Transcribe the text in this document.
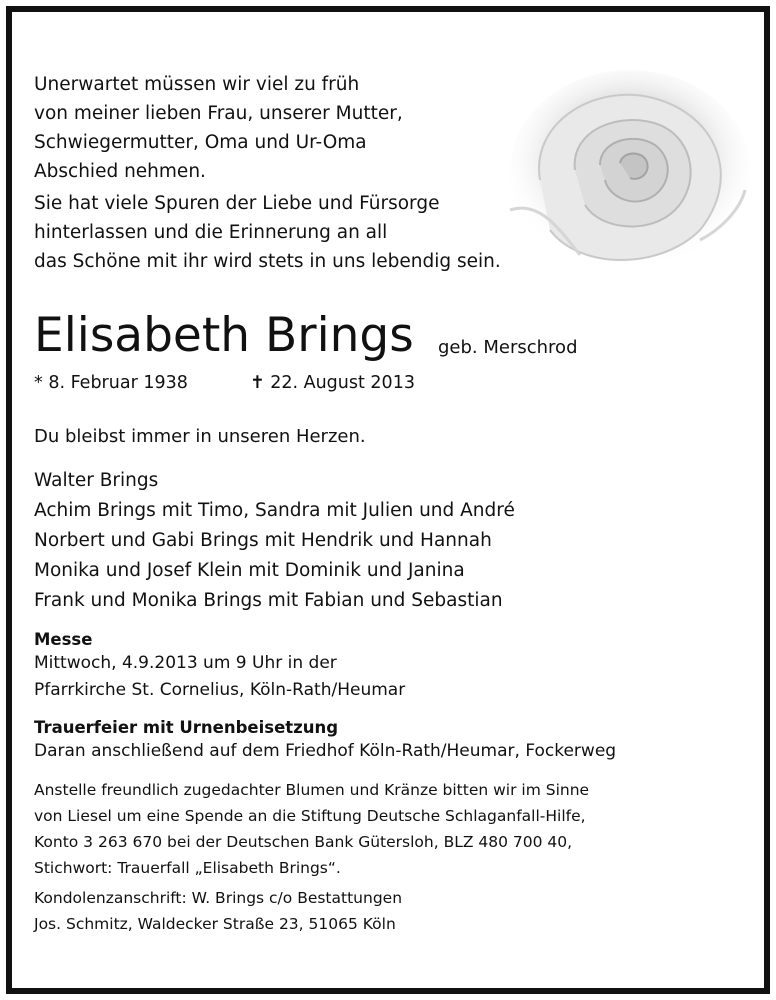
Unerwartet müssen wir viel zu früh
von meiner lieben Frau, unserer Mutter,
Schwiegermutter, Oma und Ur-Oma
Abschied nehmen.
Sie hat viele Spuren der Liebe und Fürsorge
hinterlassen und die Erinnerung an all
das Schöne mit ihr wird stets in uns lebendig sein.
Elisabeth Brings geb. Merschrod
* 8. Februar 1938	✝ 22. August 2013
Du bleibst immer in unseren Herzen.
Walter Brings
Achim Brings mit Timo, Sandra mit Julien und André
Norbert und Gabi Brings mit Hendrik und Hannah
Monika und Josef Klein mit Dominik und Janina
Frank und Monika Brings mit Fabian und Sebastian
Messe
Mittwoch, 4.9.2013 um 9 Uhr in der
Pfarrkirche St. Cornelius, Köln-Rath/Heumar
Trauerfeier mit Urnenbeisetzung
Daran anschließend auf dem Friedhof Köln-Rath/Heumar, Fockerweg
Anstelle freundlich zugedachter Blumen und Kränze bitten wir im Sinne
von Liesel um eine Spende an die Stiftung Deutsche Schlaganfall-Hilfe,
Konto 3 263 670 bei der Deutschen Bank Gütersloh, BLZ 480 700 40,
Stichwort: Trauerfall „Elisabeth Brings“.
Kondolenzanschrift: W. Brings c/o Bestattungen
Jos. Schmitz, Waldecker Straße 23, 51065 Köln
